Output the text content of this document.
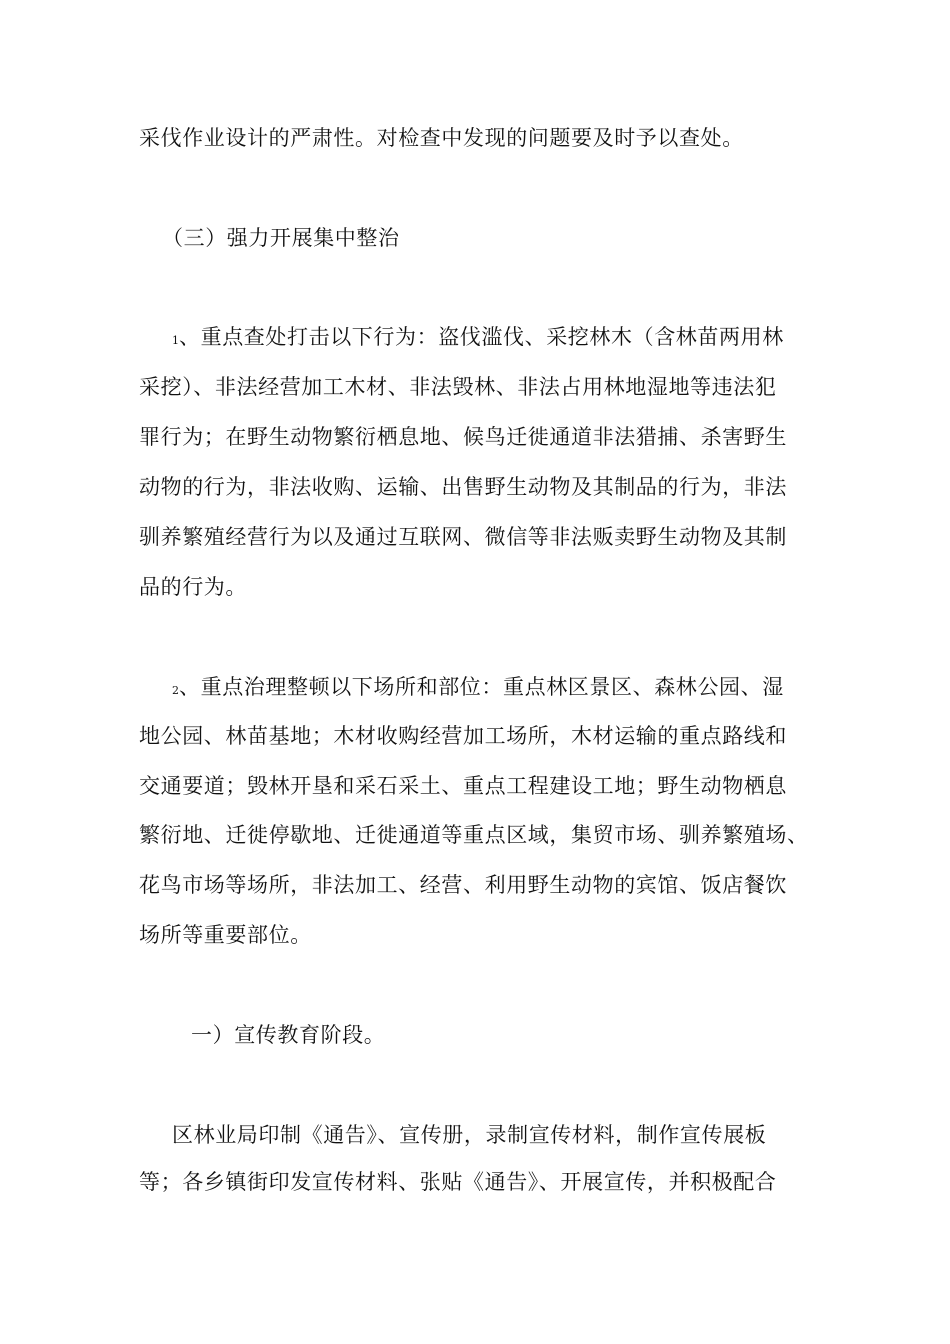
采伐作业设计的严肃性。对检查中发现的问题要及时予以查处。
（三）强力开展集中整治
1、重点查处打击以下行为：盗伐滥伐、采挖林木（含林苗两用林
采挖）、非法经营加工木材、非法毁林、非法占用林地湿地等违法犯
罪行为；在野生动物繁衍栖息地、候鸟迁徙通道非法猎捕、杀害野生
动物的行为，非法收购、运输、出售野生动物及其制品的行为，非法
驯养繁殖经营行为以及通过互联网、微信等非法贩卖野生动物及其制
品的行为。
2、重点治理整顿以下场所和部位：重点林区景区、森林公园、湿
地公园、林苗基地；木材收购经营加工场所，木材运输的重点路线和
交通要道；毁林开垦和采石采土、重点工程建设工地；野生动物栖息
繁衍地、迁徙停歇地、迁徙通道等重点区域，集贸市场、驯养繁殖场、
花鸟市场等场所，非法加工、经营、利用野生动物的宾馆、饭店餐饮
场所等重要部位。
一）宣传教育阶段。
区林业局印制《通告》、宣传册，录制宣传材料，制作宣传展板
等；各乡镇街印发宣传材料、张贴《通告》、开展宣传，并积极配合
